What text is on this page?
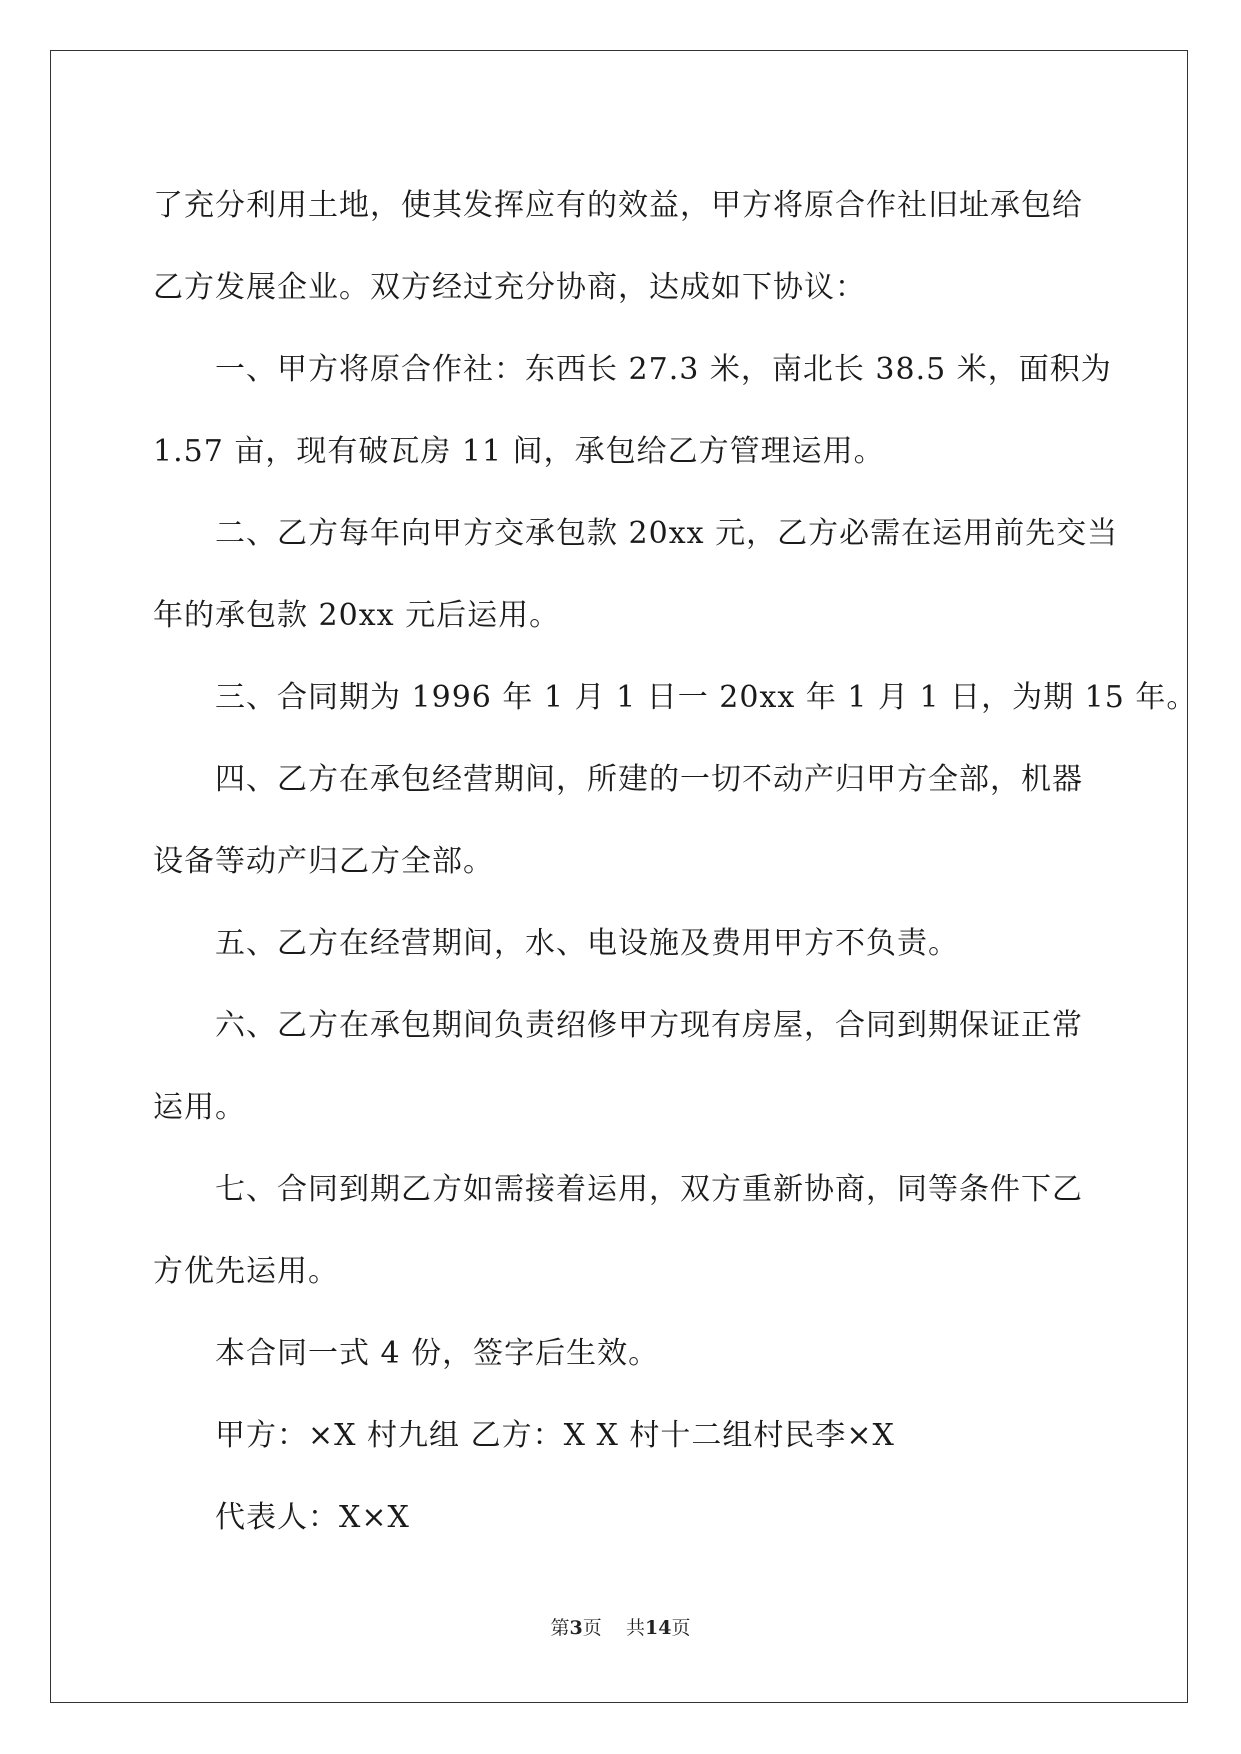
了充分利用土地，使其发挥应有的效益，甲方将原合作社旧址承包给
乙方发展企业。双方经过充分协商，达成如下协议：
一、甲方将原合作社：东西长 27.3 米，南北长 38.5 米，面积为
1.57 亩，现有破瓦房 11 间，承包给乙方管理运用。
二、乙方每年向甲方交承包款 20xx 元，乙方必需在运用前先交当
年的承包款 20xx 元后运用。
三、合同期为 1996 年 1 月 1 日一 20xx 年 1 月 1 日，为期 15 年。
四、乙方在承包经营期间，所建的一切不动产归甲方全部，机器
设备等动产归乙方全部。
五、乙方在经营期间，水、电设施及费用甲方不负责。
六、乙方在承包期间负责绍修甲方现有房屋，合同到期保证正常
运用。
七、合同到期乙方如需接着运用，双方重新协商，同等条件下乙
方优先运用。
本合同一式 4 份，签字后生效。
甲方：×X 村九组 乙方：X X 村十二组村民李×X
代表人：X×X
第3页 共14页
